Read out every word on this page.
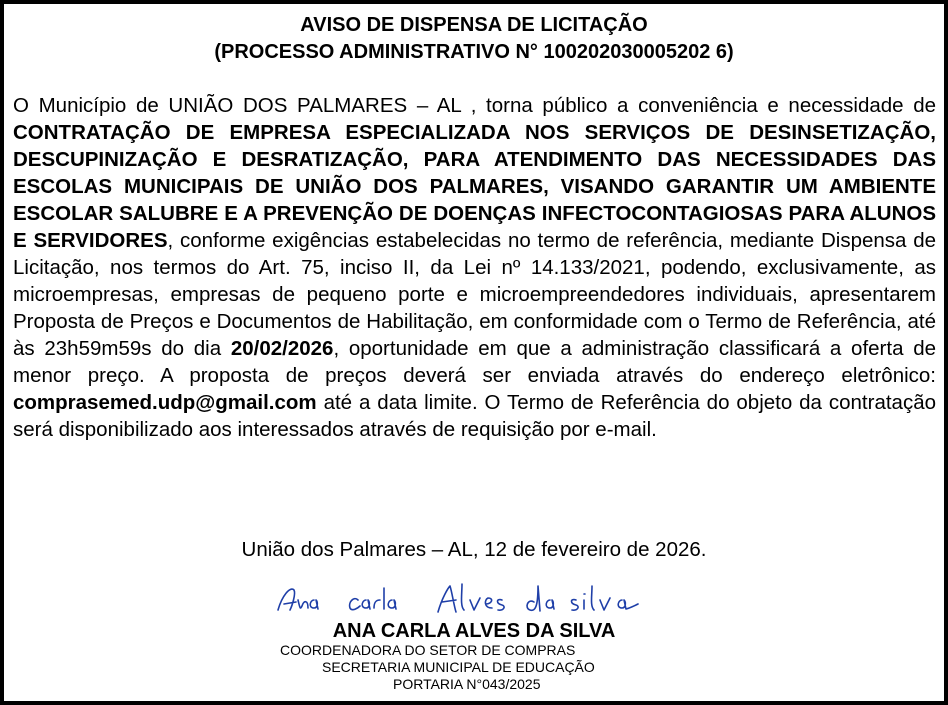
AVISO DE DISPENSA DE LICITAÇÃO
(PROCESSO ADMINISTRATIVO N° 100202030005202 6)

O Município de UNIÃO DOS PALMARES – AL , torna público a conveniência e necessidade de CONTRATAÇÃO DE EMPRESA ESPECIALIZADA NOS SERVIÇOS DE DESINSETIZAÇÃO, DESCUPINIZAÇÃO E DESRATIZAÇÃO, PARA ATENDIMENTO DAS NECESSIDADES DAS ESCOLAS MUNICIPAIS DE UNIÃO DOS PALMARES, VISANDO GARANTIR UM AMBIENTE ESCOLAR SALUBRE E A PREVENÇÃO DE DOENÇAS INFECTOCONTAGIOSAS PARA ALUNOS E SERVIDORES, conforme exigências estabelecidas no termo de referência, mediante Dispensa de Licitação, nos termos do Art. 75, inciso II, da Lei nº 14.133/2021, podendo, exclusivamente, as microempresas, empresas de pequeno porte e microempreendedores individuais, apresentarem Proposta de Preços e Documentos de Habilitação, em conformidade com o Termo de Referência, até às 23h59m59s do dia 20/02/2026, oportunidade em que a administração classificará a oferta de menor preço. A proposta de preços deverá ser enviada através do endereço eletrônico: comprasemed.udp@gmail.com até a data limite. O Termo de Referência do objeto da contratação será disponibilizado aos interessados através de requisição por e-mail.

União dos Palmares – AL, 12 de fevereiro de 2026.
ANA CARLA ALVES DA SILVA
COORDENADORA DO SETOR DE COMPRAS
SECRETARIA MUNICIPAL DE EDUCAÇÃO
PORTARIA N°043/2025
